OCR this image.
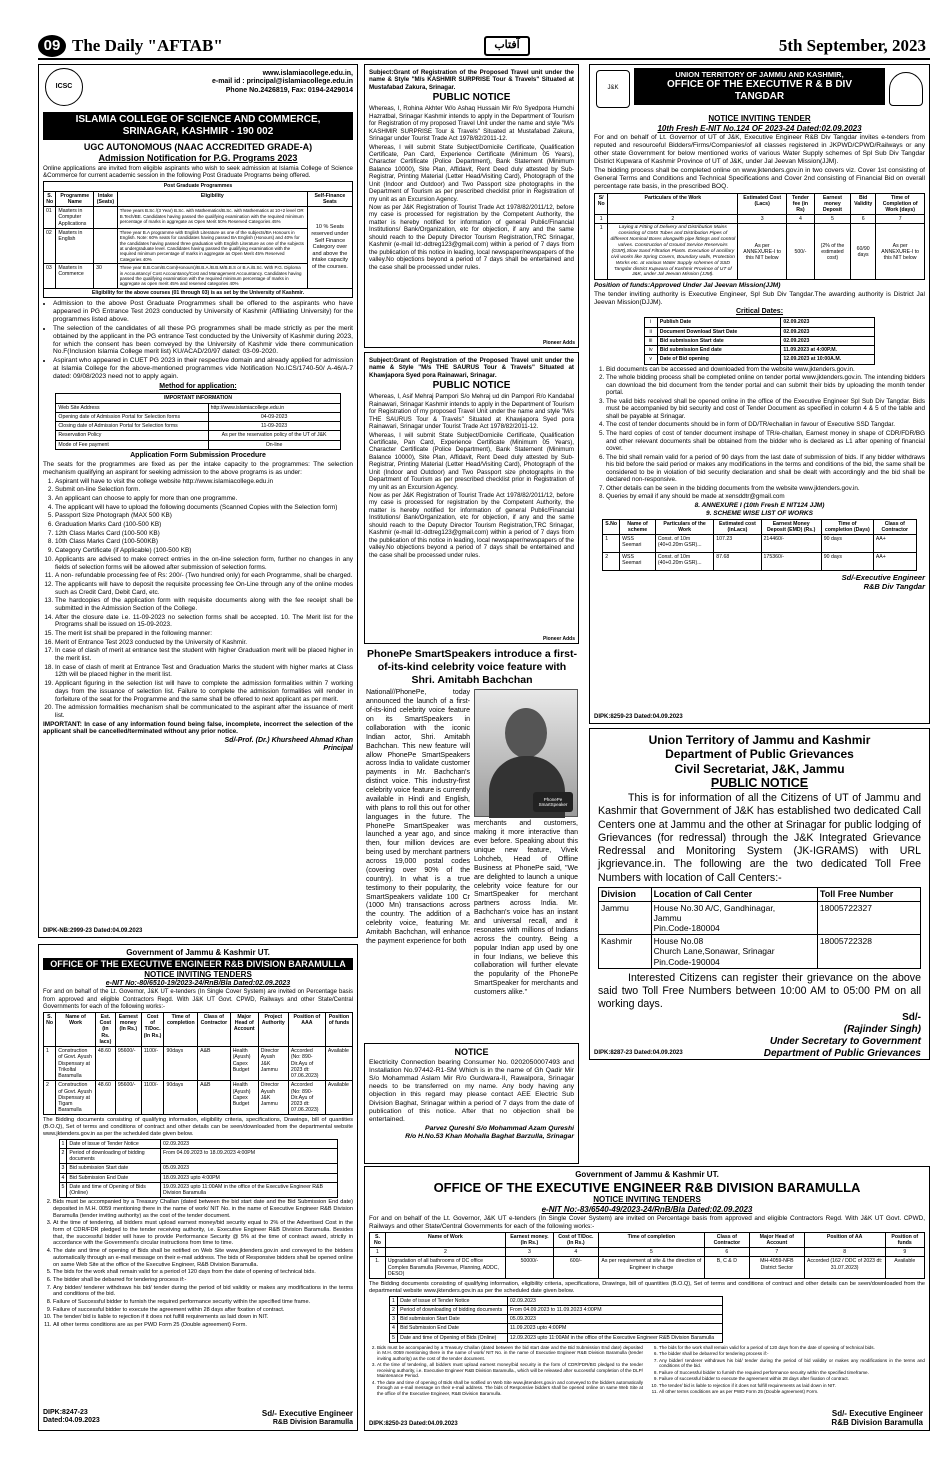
09 The Daily "AFTAB"	آفتاب	5th September, 2023
ICSC
www.islamiacollege.edu.in,
e-mail id : principal@islamiacollege.edu.in
Phone No.2426819, Fax: 0194-2429014
ISLAMIA COLLEGE OF SCIENCE AND COMMERCE,
SRINAGAR, KASHMIR - 190 002
UGC AUTONOMOUS (NAAC ACCREDITED GRADE-A)
Admission Notification for P.G. Programs 2023

Online applications are invited from eligible aspirants who wish to seek admission at Islamia College of Science &Commerce for current academic session in the following Post Graduate Programs being offered.

Post Graduate Programmes				
S. No	Programme Name	Intake (Seats)	Eligibility	Self-Finance Seats
01	Masters in Computer Applications		Three years B.Sc /(3 Year) B.Sc. with Mathematics/B.Sc. with Mathematics at 10+2 level OR B.Tech/BE. Candidates having passed the qualifying examination with the required minimum percentage of marks in aggregate as Open Merit 50% Reserved Categories 45%	10 % Seats reserved under Self Finance Category over and above the intake capacity of the courses.
02	Masters in English		Three year B.A programme with English Literature as one of the subjects/BA Honours in English. Note: 60% seats for candidates having passed BA English (Honours) and 40% for the candidates having passed three graduation with English Literature as one of the subjects at undergraduate level. Candidates having passed the qualifying examination with the required minimum percentage of marks in aggregate as Open Merit 45% Reserved Categories 40%	
03	Masters in Commerce	30	Three year B.B.Com/B.Com(Honours)/B.B.A./B.B.M/B.B.S or B.A./B.Sc. With P.G. Diploma in Accountancy/ Cost Accountancy/Cost and Management Accountancy. Candidates having passed the qualifying examination with the required minimum percentage of marks in aggregate as open merit 45% and reserved categories 40%	
Eligibility for the above courses (01 through 03) is as set by the University of Kashmir.				
• Admission to the above Post Graduate Programmes shall be offered to the aspirants who have appeared in PG Entrance Test 2023 conducted by University of Kashmir (Affiliating University) for the programmes listed above.
• The selection of the candidates of all these PG programmes shall be made strictly as per the merit obtained by the applicant in the PG entrance Test conducted by the University of Kashmir during 2023, for which the consent has been conveyed by the University of Kashmir vide there communication No.F(Inclusion Islamia College merit list) KU/ACAD/20/97 dated: 03-09-2020.
• Aspirant who appeared in CUET PG 2023 in their respective domain and already applied for admission at Islamia College for the above-mentioned programmes vide Notification No.ICS/1740-50/ A-46/A-7 dated: 09/08/2023 need not to apply again.
Method for application:
IMPORTANT INFORMATION	
Web Site Address	http://www.islamiacollege.edu.in
Opening date of Admission Portal for Selection forms	04-09-2023
Closing date of Admission Portal for Selection forms	11-09-2023
Reservation Policy	As per the reservation policy of the UT of J&K
Mode of Fee payment	On-line
Application Form Submission Procedure

The seats for the programmes are fixed as per the intake capacity to the programmes: The selection mechanism qualifying an aspirant for seeking admission to the above programs is as under:

1. Aspirant will have to visit the college website http://www.islamiacollege.edu.in
2. Submit on-line Selection form.
3. An applicant can choose to apply for more than one programme.
4. The applicant will have to upload the following documents (Scanned Copies with the Selection form)
5. Passport Size Photograph (MAX 500 KB)
6. Graduation Marks Card (100-500 KB)
7. 12th Class Marks Card (100-500 KB)
8. 10th Class Marks Card (100-500KB)
9. Category Certificate (if Applicable) (100-500 KB)
10. Applicants are advised to make correct entries in the on-line selection form, further no changes in any fields of selection forms will be allowed after submission of selection forms.
11. A non- refundable processing fee of Rs: 200/- (Two hundred only) for each Programme, shall be charged.
12. The applicants will have to deposit the requisite processing fee On-Line through any of the online modes such as Credit Card, Debit Card, etc.
13. The hardcopies of the application form with requisite documents along with the fee receipt shall be submitted in the Admission Section of the College.
14. After the closure date i.e. 11-09-2023 no selection forms shall be accepted. 10. The Merit list for the Programs shall be issued on 15-09-2023.
15. The merit list shall be prepared in the following manner:
16. Merit of Entrance Test 2023 conducted by the University of Kashmir.
17. In case of clash of merit at entrance test the student with higher Graduation merit will be placed higher in the merit list.
18. In case of clash of merit at Entrance Test and Graduation Marks the student with higher marks at Class 12th will be placed higher in the merit list.
19. Applicant figuring in the selection list will have to complete the admission formalities within 7 working days from the issuance of selection list. Failure to complete the admission formalities will render in forfeiture of the seat for the Programme and the same shall be offered to next applicant as per merit.
20. The admission formalities mechanism shall be communicated to the aspirant after the issuance of merit list.

IMPORTANT: In case of any information found being false, incomplete, incorrect the selection of the applicant shall be cancelled/terminated without any prior notice.

Sd/-Prof. (Dr.) Khursheed Ahmad Khan
Principal
DIPK-NB:2999-23 Dated:04.09.2023
Government of Jammu & Kashmir UT.
OFFICE OF THE EXECUTIVE ENGINEER R&B DIVISION BARAMULLA
NOTICE INVITING TENDERS
e-NIT No:-80/6510-19/2023-24/RnB/Bla Dated:02.09.2023

For and on behalf of the Lt. Governor, J&K UT e-tenders (In Single Cover System) are invited on Percentage basis from approved and eligible Contractors Regd. With J&K UT Govt. CPWD, Railways and other State/Central Governments for each of the following works:-

S. No	Name of Work	Est. Cost (in Rs. lacs)	Earnest money (In Rs.)	Cost of T/Doc. (In Rs.)	Time of completion	Class of Contractor	Major Head of Account	Project Authority	Position of AAA	Position of funds
1	Construction of Govt. Ayush Dispensary at Trikoltal Baramulla	48.60	95600/-	1100/-	90days	A&B	Health (Ayush) Capex Budget	Director Ayush J&K Jammu	Accorded (No: 890-Dir.Ayu of 2023 dt: 07.06.2023)	Available
2	Construction of Govt. Ayush Dispensary at Tigam Baramulla	48.60	95600/-	1100/-	90days	A&B	Health (Ayush) Capex Budget	Director Ayush J&K Jammu	Accorded (No: 890-Dir.Ayu of 2023 dt: 07.06.2023)	Available

The Bidding documents consisting of qualifying information, eligibility criteria, specifications, Drawings, bill of quantities (B.O.Q), Set of terms and conditions of contract and other details can be seen/downloaded from the departmental website www.jktenders.gov.in as per the scheduled date given below.

1	Date of issue of Tender Notice	02.09.2023
2	Period of downloading of bidding documents	From 04.09.2023 to 18.09.2023 4:00PM
3	Bid submission Start date	05.09.2023
4	Bid Submission End Date	18.09.2023 upto 4:00PM
5	Date and time of Opening of Bids (Online)	19.09.2023 upto 11:00AM in the office of the Executive Engineer R&B Division Baramulla
2. Bids must be accompanied by a Treasury Challan (dated between the bid start date and the Bid Submission End date) deposited in M.H. 0059 mentioning there in the name of work/ NIT No. in the name of Executive Engineer R&B Division Baramulla (tender inviting authority) as the cost of the tender document.
3. At the time of tendering, all bidders must upload earnest money/bid security equal to 2% of the Advertised Cost in the form of CDR/FDR pledged to the tender receiving authority, i.e. Executive Engineer R&B Division Baramulla. Besides that, the successful bidder will have to provide Performance Security @ 5% at the time of contract award, strictly in accordance with the Government's circular instructions from time to time.
4. The date and time of opening of Bids shall be notified on Web Site www.jktenders.gov.in and conveyed to the bidders automatically through an e-mail message on their e-mail address. The bids of Responsive bidders shall be opened online on same Web Site at the office of the Executive Engineer, R&B Division Baramulla.
5. The bids for the work shall remain valid for a period of 120 days from the date of opening of technical bids.
6. The bidder shall be debarred for tendering process if:-
7. Any bidder/ tenderer withdraws his bid/ tender during the period of bid validity or makes any modifications in the terms and conditions of the bid.
8. Failure of Successful bidder to furnish the required performance security within the specified time frame.
9. Failure of successful bidder to execute the agreement within 28 days after fixation of contract.
10. The tender/ bid is liable to rejection if it does not fulfill requirements as laid down in NIT.
11. All other terms conditions are as per PWD Form 25 (Double agreement) Form.
DIPK:8247-23
Dated:04.09.2023
Sd/- Executive Engineer
R&B Division Baramulla

Subject:Grant of Registration of the Proposed Travel unit under the name & Style "M/s KASHMIR SURPRISE Tour & Travels" Situated at Mustafabad Zakura, Srinagar.

PUBLIC NOTICE

Whereas, I, Rohina Akhter W/o Ashaq Hussain Mir R/o Syedpora Humchi Hazratbal, Srinagar Kashmir intends to apply in the Department of Tourism for Registration of my proposed Travel Unit under the name and style "M/s KASHMIR SURPRISE Tour & Travels" Situated at Mustafabad Zakura, Srinagar under Tourist Trade Act 1978/82/2011-12.

Whereas, I will submit State Subject/Domicile Certificate, Qualification Certificate, Pan Card, Experience Certificate (Minimum 05 Years), Character Certificate (Police Department), Bank Statement (Minimum Balance 10000), Site Plan, Affidavit, Rent Deed duly attested by Sub-Registrar, Printing Material (Letter Head/Visiting Card), Photograph of the Unit (Indoor and Outdoor) and Two Passport size photographs in the Department of Tourism as per prescribed checklist prior in Registration of my unit as an Excursion Agency.

Now as per J&K Registration of Tourist Trade Act 1978/82/2011/12, before my case is processed for registration by the Competent Authority, the matter is hereby notified for information of general Public/Financial Institutions/ Bank/Organization, etc for objection, if any and the same should reach to the Deputy Director Tourism Registration,TRC Srinagar, Kashmir (e-mail Id:-ddtreg123@gmail.com) within a period of 7 days from the publication of this notice in leading, local newspaper/newspapers of the valley.No objections beyond a period of 7 days shall be entertained and the case shall be processed under rules.

Pioneer Adds

Subject:Grant of Registration of the Proposed Travel unit under the name & Style "M/s THE SAURUS Tour & Travels" Situated at Khawjapora Syed pora Rainawari, Srinagar.

PUBLIC NOTICE

Whereas, I, Asif Mehraj Pampori S/o Mehraj ud din Pampori R/o Kandabal Rainawari, Srinagar Kashmir intends to apply in the Department of Tourism for Registration of my proposed Travel Unit under the name and style "M/s THE SAURUS Tour & Travels" Situated at Khawjapora Syed pora Rainawari, Srinagar under Tourist Trade Act 1978/82/2011-12.

Whereas, I will submit State Subject/Domicile Certificate, Qualification Certificate, Pan Card, Experience Certificate (Minimum 05 Years), Character Certificate (Police Department), Bank Statement (Minimum Balance 10000), Site Plan, Affidavit, Rent Deed duly attested by Sub-Registrar, Printing Material (Letter Head/Visiting Card), Photograph of the Unit (Indoor and Outdoor) and Two Passport size photographs in the Department of Tourism as per prescribed checklist prior in Registration of my unit as an Excursion Agency.

Now as per J&K Registration of Tourist Trade Act 1978/82/2011/12, before my case is processed for registration by the Competent Authority, the matter is hereby notified for information of general Public/Financial Institutions/ Bank/Organization, etc for objection, if any and the same should reach to the Deputy Director Tourism Registration,TRC Srinagar, Kashmir (e-mail Id:-ddtreg123@gmail.com) within a period of 7 days from the publication of this notice in leading, local newspaper/newspapers of the valley.No objections beyond a period of 7 days shall be entertained and the case shall be processed under rules.

Pioneer Adds
PhonePe SmartSpeakers introduce a first-of-its-kind celebrity voice feature with Shri. Amitabh Bachchan
National//PhonePe, today announced the launch of a first-of-its-kind celebrity voice feature on its SmartSpeakers in collaboration with the iconic Indian actor, Shri. Amitabh Bachchan. This new feature will allow PhonePe SmartSpeakers across India to validate customer payments in Mr. Bachchan's distinct voice. This industry-first celebrity voice feature is currently available in Hindi and English, with plans to roll this out for other languages in the future. The PhonePe SmartSpeaker was launched a year ago, and since then, four million devices are being used by merchant partners across 19,000 postal codes (covering over 90% of the country). In what is a true testimony to their popularity, the SmartSpeakers validate 100 Cr (1000 Mn) transactions across the country. The addition of a celebrity voice, featuring Mr. Amitabh Bachchan, will enhance the payment experience for both
PhonePe SmartSpeaker
merchants and customers, making it more interactive than ever before. Speaking about this unique new feature, Vivek Lohcheb, Head of Offline Business at PhonePe said, "We are delighted to launch a unique celebrity voice feature for our SmartSpeaker for merchant partners across India. Mr. Bachchan's voice has an instant and universal recall, and it resonates with millions of Indians across the country. Being a popular Indian app used by one in four Indians, we believe this collaboration will further elevate the popularity of the PhonePe SmartSpeaker for merchants and customers alike."
NOTICE

Electricity Connection bearing Consumer No. 0202050007493 and Installation No.97442-R1-SM Which is in the name of Gh Qadir Mir S/o Mohammad Aslam Mir R/o Gurdwara-II, Rawalpora, Srinagar needs to be transferred on my name. Any body having any objection in this regard may please contact AEE Electric Sub Division Baghat, Srinagar within a period of 7 days from the date of publication of this notice. After that no objection shall be entertained.

Parvez Qureshi S/o Mohammad Azam Qureshi
R/o H.No.53 Khan Mohalla Baghat Barzulla, Srinagar
J&K
UNION TERRITORY OF JAMMU AND KASHMIR,
OFFICE OF THE EXECUTIVE R & B DIV
TANGDAR
NOTICE INVITING TENDER
10th Fresh E-NIT No.124 OF 2023-24 Dated:02.09.2023

For and on behalf of Lt. Governor of UT of J&K, Executive Engineer R&B Div Tangdar invites e-tenders from reputed and resourceful Bidders/Firms/Companies/of all classes registered in JKPWD/CPWD/Railways or any other state Government for below mentioned works of various Water Supply schemes of Spl Sub Div Tangdar District Kupwara of Kashmir Province of UT of J&K, under Jal Jeevan Mission(JJM).

The bidding process shall be completed online on www.jktenders.gov.in in two covers viz. Cover 1st consisting of General Terms and Conditions and Technical Specifications and Cover 2nd consisting of Financial Bid on overall percentage rate basis, in the prescribed BOQ.

S/ No	Particulars of the Work	Estimated Cost (Lacs)	Tender fee (in Rs)	Earnest money Deposit	Bid Validity	Time of Completion of Work (days)
1	2	3	4	5	6	7
1	Laying & Fitting of Delivery and Distribution Mains consisting of GMS Tubes and Distribution Pipes of different Nominal Bores alongwith pipe fittings and control valves. Construction of Ground Service Reservoirs (GSR),Slow Sand Filtration Plants. Execution of ancillary civil works like Spring Covers, Boundary walls, Protection Works etc. at various Water Supply schemes of SSD Tangdar district Kupwara of Kashmir Province of UT of J&K, under Jal Jeevan Mission (JJM).	As per ANNEXURE-I to this NIT below	500/-	(2% of the estimated cost)	60/90 days	As per ANNEXURE-I to this NIT below
Position of funds:Approved Under Jal Jeevan Mission(JJM)

The tender inviting authority is Executive Engineer, Spl Sub Div Tangdar.The awarding authority is District Jal Jeevan Mission(DJJM).

Critical Dates:
i	Publish Date	02.09.2023
ii	Document Download Start Date	02.09.2023
iii	Bid submission Start date	02.09.2023
iv	Bid submission End date	11.09.2023 at 4:00P.M.
v	Date of Bid opening	12.09.2023 at 10:00A.M.
1. Bid documents can be accessed and downloaded from the website www.jktenders.gov.in.
2. The whole bidding process shall be completed online on tender portal www.jktenders.gov.in. The intending bidders can download the bid document from the tender portal and can submit their bids by uploading the month tender portal.
3. The valid bids received shall be opened online in the office of the Executive Engineer Spl Sub Div Tangdar. Bids must be accompanied by bid security and cost of Tender Document as specified in column 4 & 5 of the table and shall be payable at Srinagar.
4. The cost of tender documents should be in form of DD/TR/echallan in favour of Executive SSD Tangdar.
5. The hard copies of cost of tender document inshape of TR/e-challan, Earnest money in shape of CDR/FDR/BG and other relevant documents shall be obtained from the bidder who is declared as L1 after opening of financial cover.
6. The bid shall remain valid for a period of 90 days from the last date of submission of bids. If any bidder withdraws his bid before the said period or makes any modifications in the terms and conditions of the bid, the same shall be considered to be in violation of bid security declaration and shall be dealt with accordingly and the bid shall be declared non-responsive.
7. Other details can be seen in the bidding documents from the website www.jktenders.gov.in.
8. Queries by email if any should be made at xensddtr@gmail.com
8. ANNEXURE I (10th Fresh E NIT124 JJM)
9. SCHEME WISE LIST OF WORKS
S.No	Name of scheme	Particulars of the Work	Estimated cost (inLacs)	Earnest Money Deposit (EMD) (Rs.)	Time of completion (Days)	Class of Contractor
1	WSS Seemari	Const. of 10m (40+0.20m GSR)...	107.23	214460/-	90 days	AA+
2	WSS Seemari	Const. of 10m (40+0.20m GSR)...	87.68	175360/-	90 days	AA+
Sd/-Executive Engineer
R&B Div Tangdar
DIPK:8259-23 Dated:04.09.2023
Union Territory of Jammu and Kashmir
Department of Public Grievances
Civil Secretariat, J&K, Jammu
PUBLIC NOTICE

This is for information of all the Citizens of UT of Jammu and Kashmir that Government of J&K has established two dedicated Call Centers one at Jammu and the other at Srinagar for public lodging of Grievances (for redressal) through the J&K Integrated Grievance Redressal and Monitoring System (JK-IGRAMS) with URL jkgrievance.in. The following are the two dedicated Toll Free Numbers with location of Call Centers:-

Division	Location of Call Center	Toll Free Number
Jammu	House No.30 A/C, Gandhinagar,
Jammu
Pin.Code-180004	18005722327
Kashmir	House No.08
Church Lane,Sonawar, Srinagar
Pin.Code-190004	18005722328

Interested Citizens can register their grievance on the above said two Toll Free Numbers between 10:00 AM to 05:00 PM on all working days.

Sd/-
(Rajinder Singh)
Under Secretary to Government
Department of Public Grievances
DIPK:8287-23 Dated:04.09.2023
Government of Jammu & Kashmir UT.
OFFICE OF THE EXECUTIVE ENGINEER R&B DIVISION BARAMULLA
NOTICE INVITING TENDERS
e-NIT No:-83/6540-49/2023-24/RnB/Bla Dated:02.09.2023

For and on behalf of the Lt. Governor, J&K UT e-tenders (In Single Cover System) are invited on Percentage basis from approved and eligible Contractors Regd. With J&K UT Govt. CPWD, Railways and other State/Central Governments for each of the following works:-

S. No	Name of Work	Earnest money. (In Rs.)	Cost of T/Doc. (In Rs.)	Time of completion	Class of Contractor	Major Head of Account	Position of AA	Position of funds
1	2	3	4	5	6	7	8	9
1.	Upgradation of all bathrooms of DC office Complex Baramulla (Revenue, Planning, ADDC, DESO)	50000/-	600/-	As per requirement at site & the direction of Engineer in charge	B, C & D	MH-4059-NFB District Sector	Accorded (162 / DDC of 2023 dt: 31.07.2023)	Available

The Bidding documents consisting of qualifying information, eligibility criteria, specifications, Drawings, bill of quantities (B.O.Q), Set of terms and conditions of contract and other details can be seen/downloaded from the departmental website www.jktenders.gov.in as per the scheduled date given below.

1	Date of issue of Tender Notice	02.09.2023
2	Period of downloading of bidding documents	From 04.09.2023 to 11.09.2023 4:00PM
3	Bid submission Start Date	05.09.2023
4	Bid Submission End Date	11.09.2023 upto 4:00PM
5	Date and time of Opening of Bids (Online)	12.09.2023 upto 11:00AM in the office of the Executive Engineer R&B Division Baramulla
2. Bids must be accompanied by a Treasury Challan (dated between the bid start date and the Bid Submission End date) deposited in M.H. 0059 mentioning there in the name of work/ NIT No. in the name of Executive Engineer R&B Division Baramulla (tender inviting authority) as the cost of the tender document.
3. At the time of tendering, all bidders must upload earnest money/bid security in the form of CDR/FDR/BG pledged to the tender receiving authority, i.e. Executive Engineer R&B Division Baramulla., which will be released after successful completion of the DLP/ Maintenance Period.
4. The date and time of opening of Bids shall be notified on Web Site www.jktenders.gov.in and conveyed to the bidders automatically through an e-mail message on their e-mail address. The bids of Responsive bidders shall be opened online on same Web Site at the office of the Executive Engineer, R&B Division Baramulla.
5. The bids for the work shall remain valid for a period of 120 days from the date of opening of technical bids.
6. The bidder shall be debarred for tendering process if:-
7. Any bidder/ tenderer withdraws his bid/ tender during the period of bid validity or makes any modifications in the terms and conditions of the bid.
8. Failure of Successful bidder to furnish the required performance security within the specified timeframe.
9. Failure of successful bidder to execute the agreement within 28 days after fixation of contract.
10. The tender/ bid is liable to rejection if it does not fulfill requirements as laid down in NIT.
11. All other terms conditions are as per PWD Form 25 (Double agreement) Form.
DIPK:8250-23 Dated:04.09.2023
Sd/- Executive Engineer
R&B Division Baramulla
